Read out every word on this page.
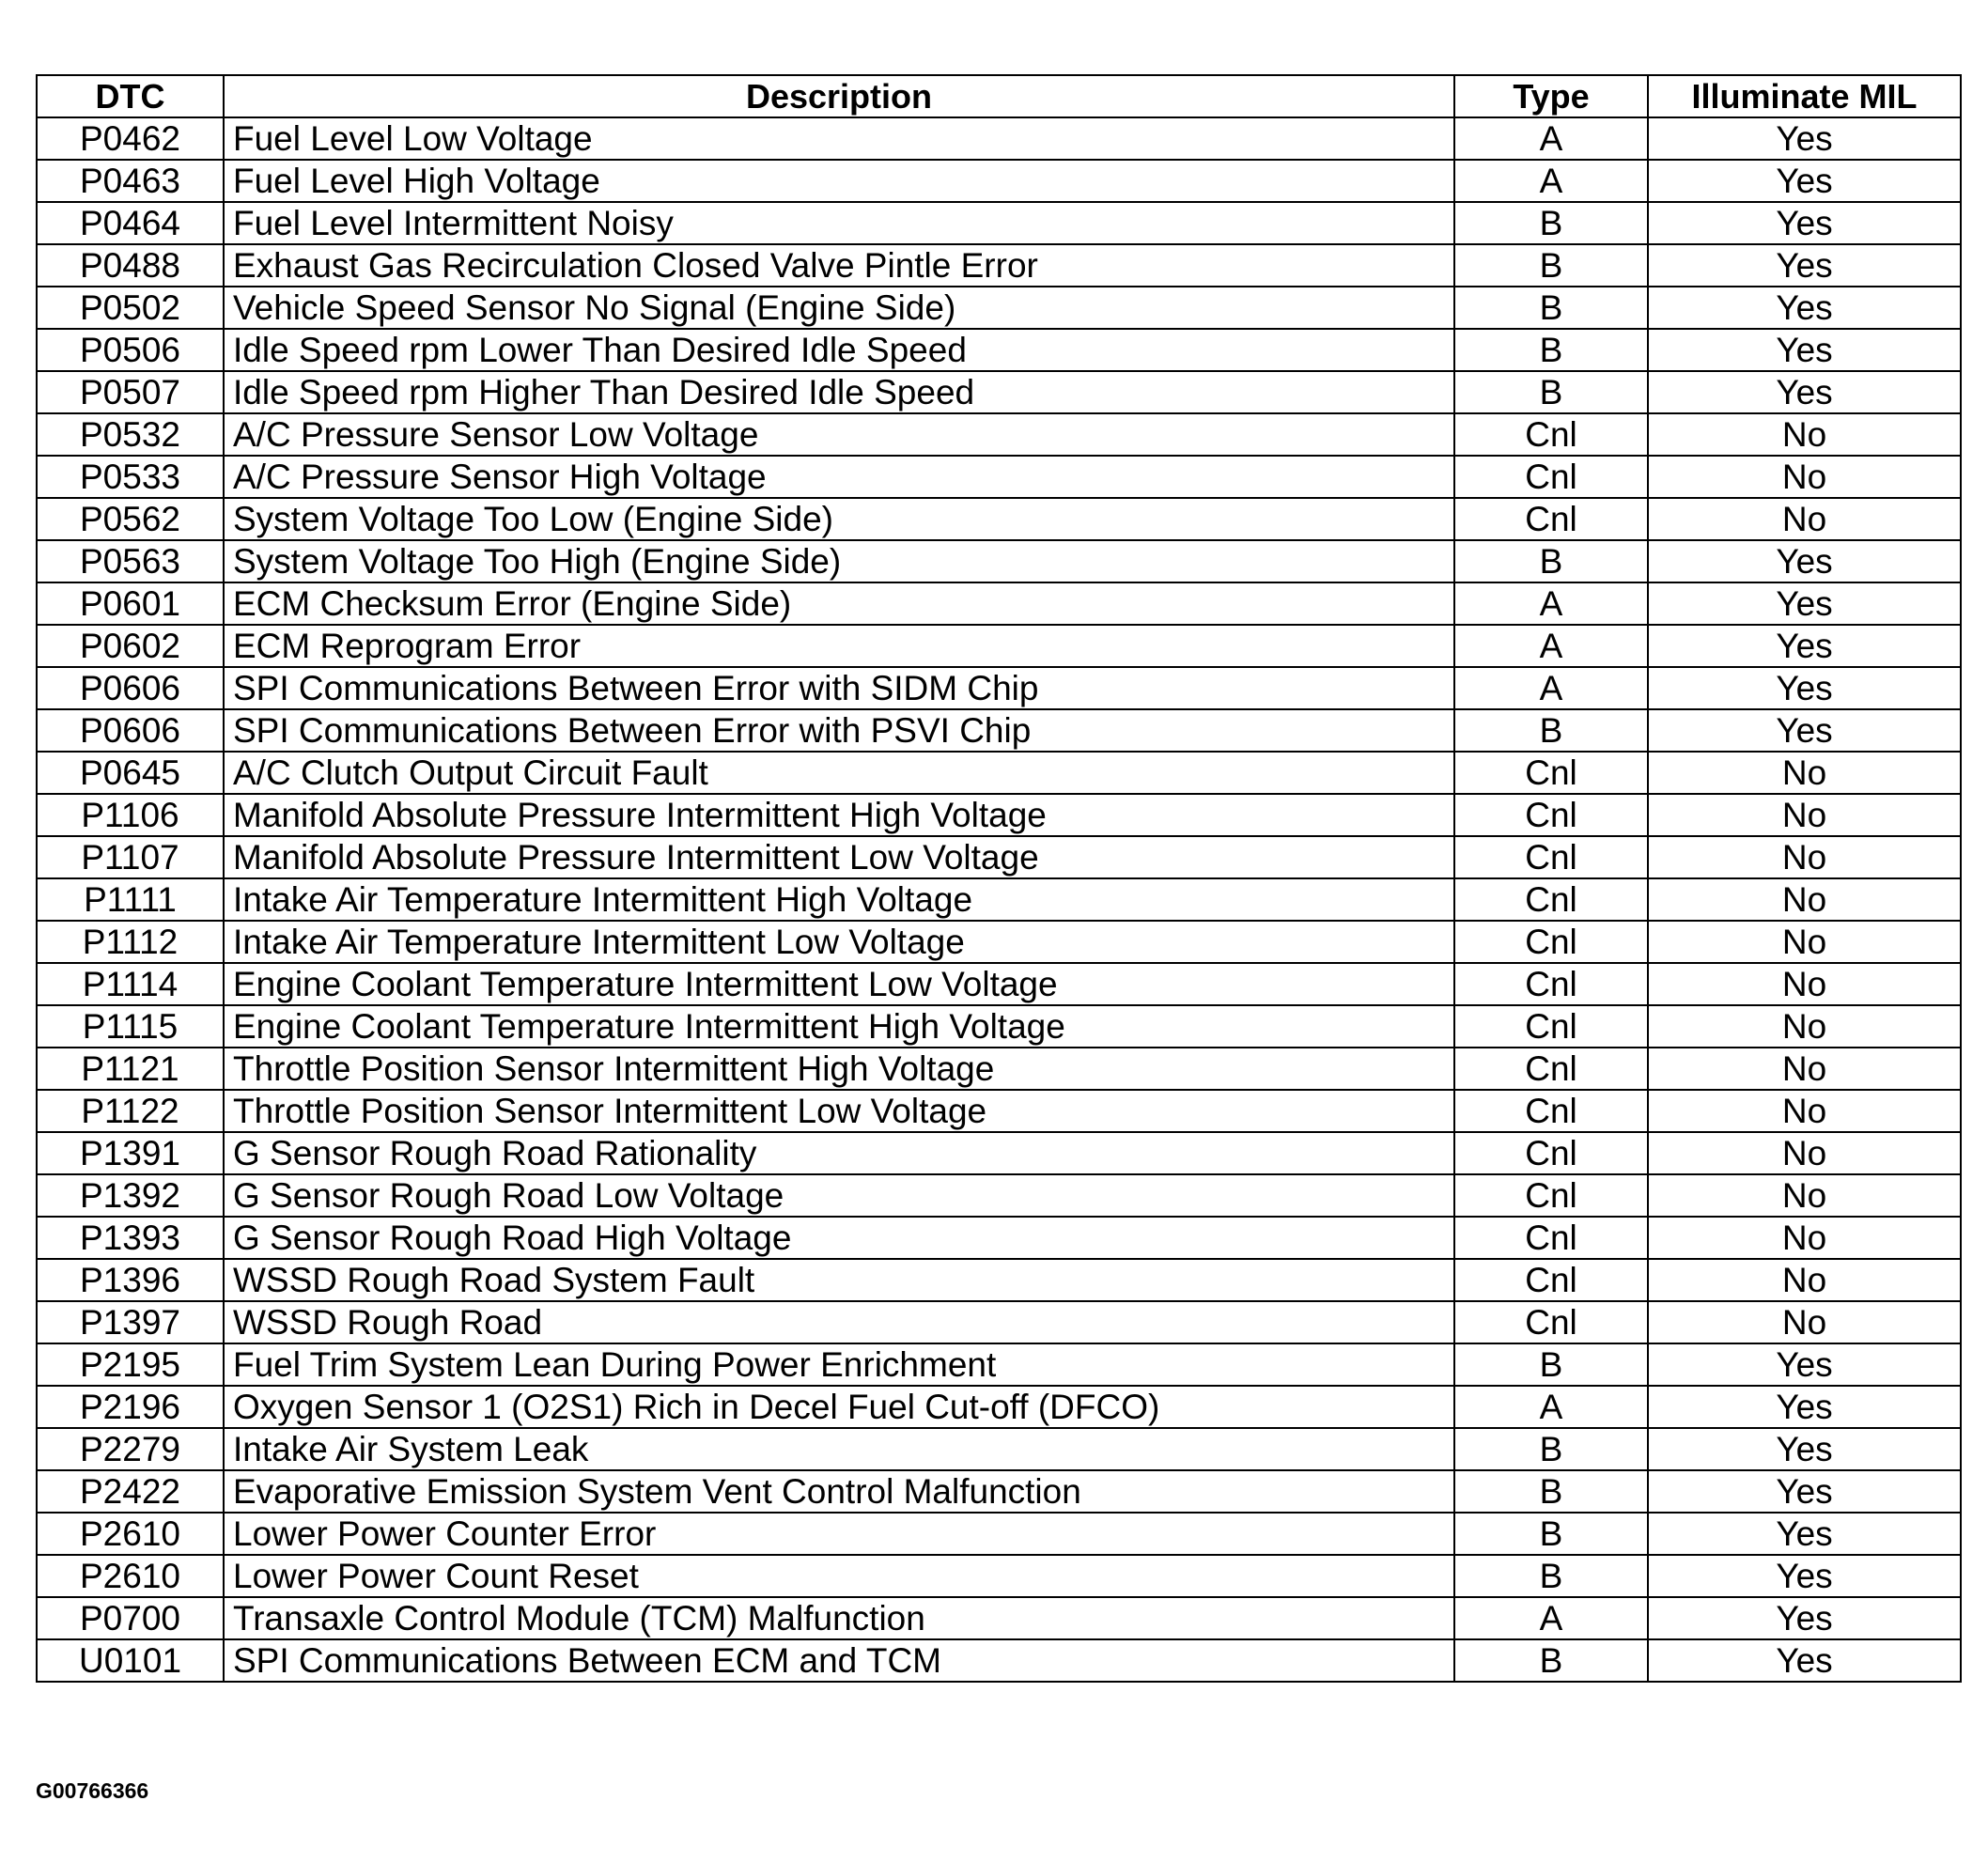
DTC	Description	Type	Illuminate MIL
P0462	Fuel Level Low Voltage	A	Yes
P0463	Fuel Level High Voltage	A	Yes
P0464	Fuel Level Intermittent Noisy	B	Yes
P0488	Exhaust Gas Recirculation Closed Valve Pintle Error	B	Yes
P0502	Vehicle Speed Sensor No Signal (Engine Side)	B	Yes
P0506	Idle Speed rpm Lower Than Desired Idle Speed	B	Yes
P0507	Idle Speed rpm Higher Than Desired Idle Speed	B	Yes
P0532	A/C Pressure Sensor Low Voltage	Cnl	No
P0533	A/C Pressure Sensor High Voltage	Cnl	No
P0562	System Voltage Too Low (Engine Side)	Cnl	No
P0563	System Voltage Too High (Engine Side)	B	Yes
P0601	ECM Checksum Error (Engine Side)	A	Yes
P0602	ECM Reprogram Error	A	Yes
P0606	SPI Communications Between Error with SIDM Chip	A	Yes
P0606	SPI Communications Between Error with PSVI Chip	B	Yes
P0645	A/C Clutch Output Circuit Fault	Cnl	No
P1106	Manifold Absolute Pressure Intermittent High Voltage	Cnl	No
P1107	Manifold Absolute Pressure Intermittent Low Voltage	Cnl	No
P1111	Intake Air Temperature Intermittent High Voltage	Cnl	No
P1112	Intake Air Temperature Intermittent Low Voltage	Cnl	No
P1114	Engine Coolant Temperature Intermittent Low Voltage	Cnl	No
P1115	Engine Coolant Temperature Intermittent High Voltage	Cnl	No
P1121	Throttle Position Sensor Intermittent High Voltage	Cnl	No
P1122	Throttle Position Sensor Intermittent Low Voltage	Cnl	No
P1391	G Sensor Rough Road Rationality	Cnl	No
P1392	G Sensor Rough Road Low Voltage	Cnl	No
P1393	G Sensor Rough Road High Voltage	Cnl	No
P1396	WSSD Rough Road System Fault	Cnl	No
P1397	WSSD Rough Road	Cnl	No
P2195	Fuel Trim System Lean During Power Enrichment	B	Yes
P2196	Oxygen Sensor 1 (O2S1) Rich in Decel Fuel Cut-off (DFCO)	A	Yes
P2279	Intake Air System Leak	B	Yes
P2422	Evaporative Emission System Vent Control Malfunction	B	Yes
P2610	Lower Power Counter Error	B	Yes
P2610	Lower Power Count Reset	B	Yes
P0700	Transaxle Control Module (TCM) Malfunction	A	Yes
U0101	SPI Communications Between ECM and TCM	B	Yes
G00766366
